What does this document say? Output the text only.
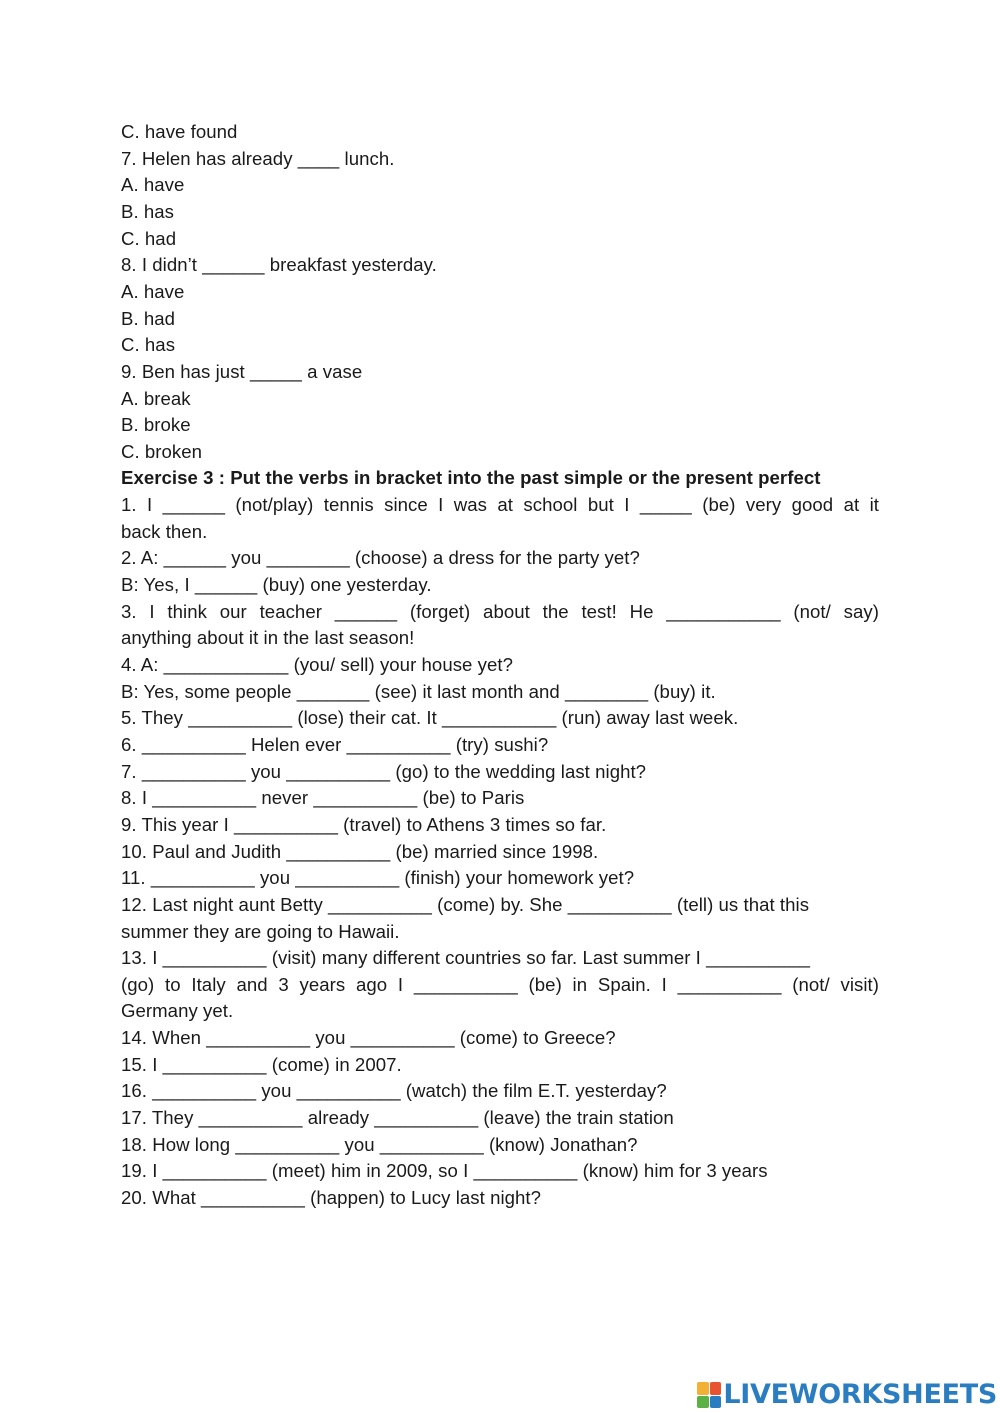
C. have found
7. Helen has already ____ lunch.
A. have
B. has
C. had
8. I didn’t ______ breakfast yesterday.
A. have
B. had
C. has
9. Ben has just _____ a vase
A. break
B. broke
C. broken
Exercise 3 : Put the verbs in bracket into the past simple or the present perfect
1. I ______ (not/play) tennis since I was at school but I _____ (be) very good at it
back then.
2. A: ______ you ________ (choose) a dress for the party yet?
B: Yes, I ______ (buy) one yesterday.
3. I think our teacher ______ (forget) about the test! He ___________ (not/ say)
anything about it in the last season!
4. A: ____________ (you/ sell) your house yet?
B: Yes, some people _______ (see) it last month and ________ (buy) it.
5. They __________ (lose) their cat. It ___________ (run) away last week.
6. __________ Helen ever __________ (try) sushi?
7. __________ you __________ (go) to the wedding last night?
8. I __________ never __________ (be) to Paris
9. This year I __________ (travel) to Athens 3 times so far.
10. Paul and Judith __________ (be) married since 1998.
11. __________ you __________ (finish) your homework yet?
12. Last night aunt Betty __________ (come) by. She __________ (tell) us that this
summer they are going to Hawaii.
13. I __________ (visit) many different countries so far. Last summer I __________
(go) to Italy and 3 years ago I __________ (be) in Spain. I __________ (not/ visit)
Germany yet.
14. When __________ you __________ (come) to Greece?
15. I __________ (come) in 2007.
16. __________ you __________ (watch) the film E.T. yesterday?
17. They __________ already __________ (leave) the train station
18. How long __________ you __________ (know) Jonathan?
19. I __________ (meet) him in 2009, so I __________ (know) him for 3 years
20. What __________ (happen) to Lucy last night?
LIVEWORKSHEETS
